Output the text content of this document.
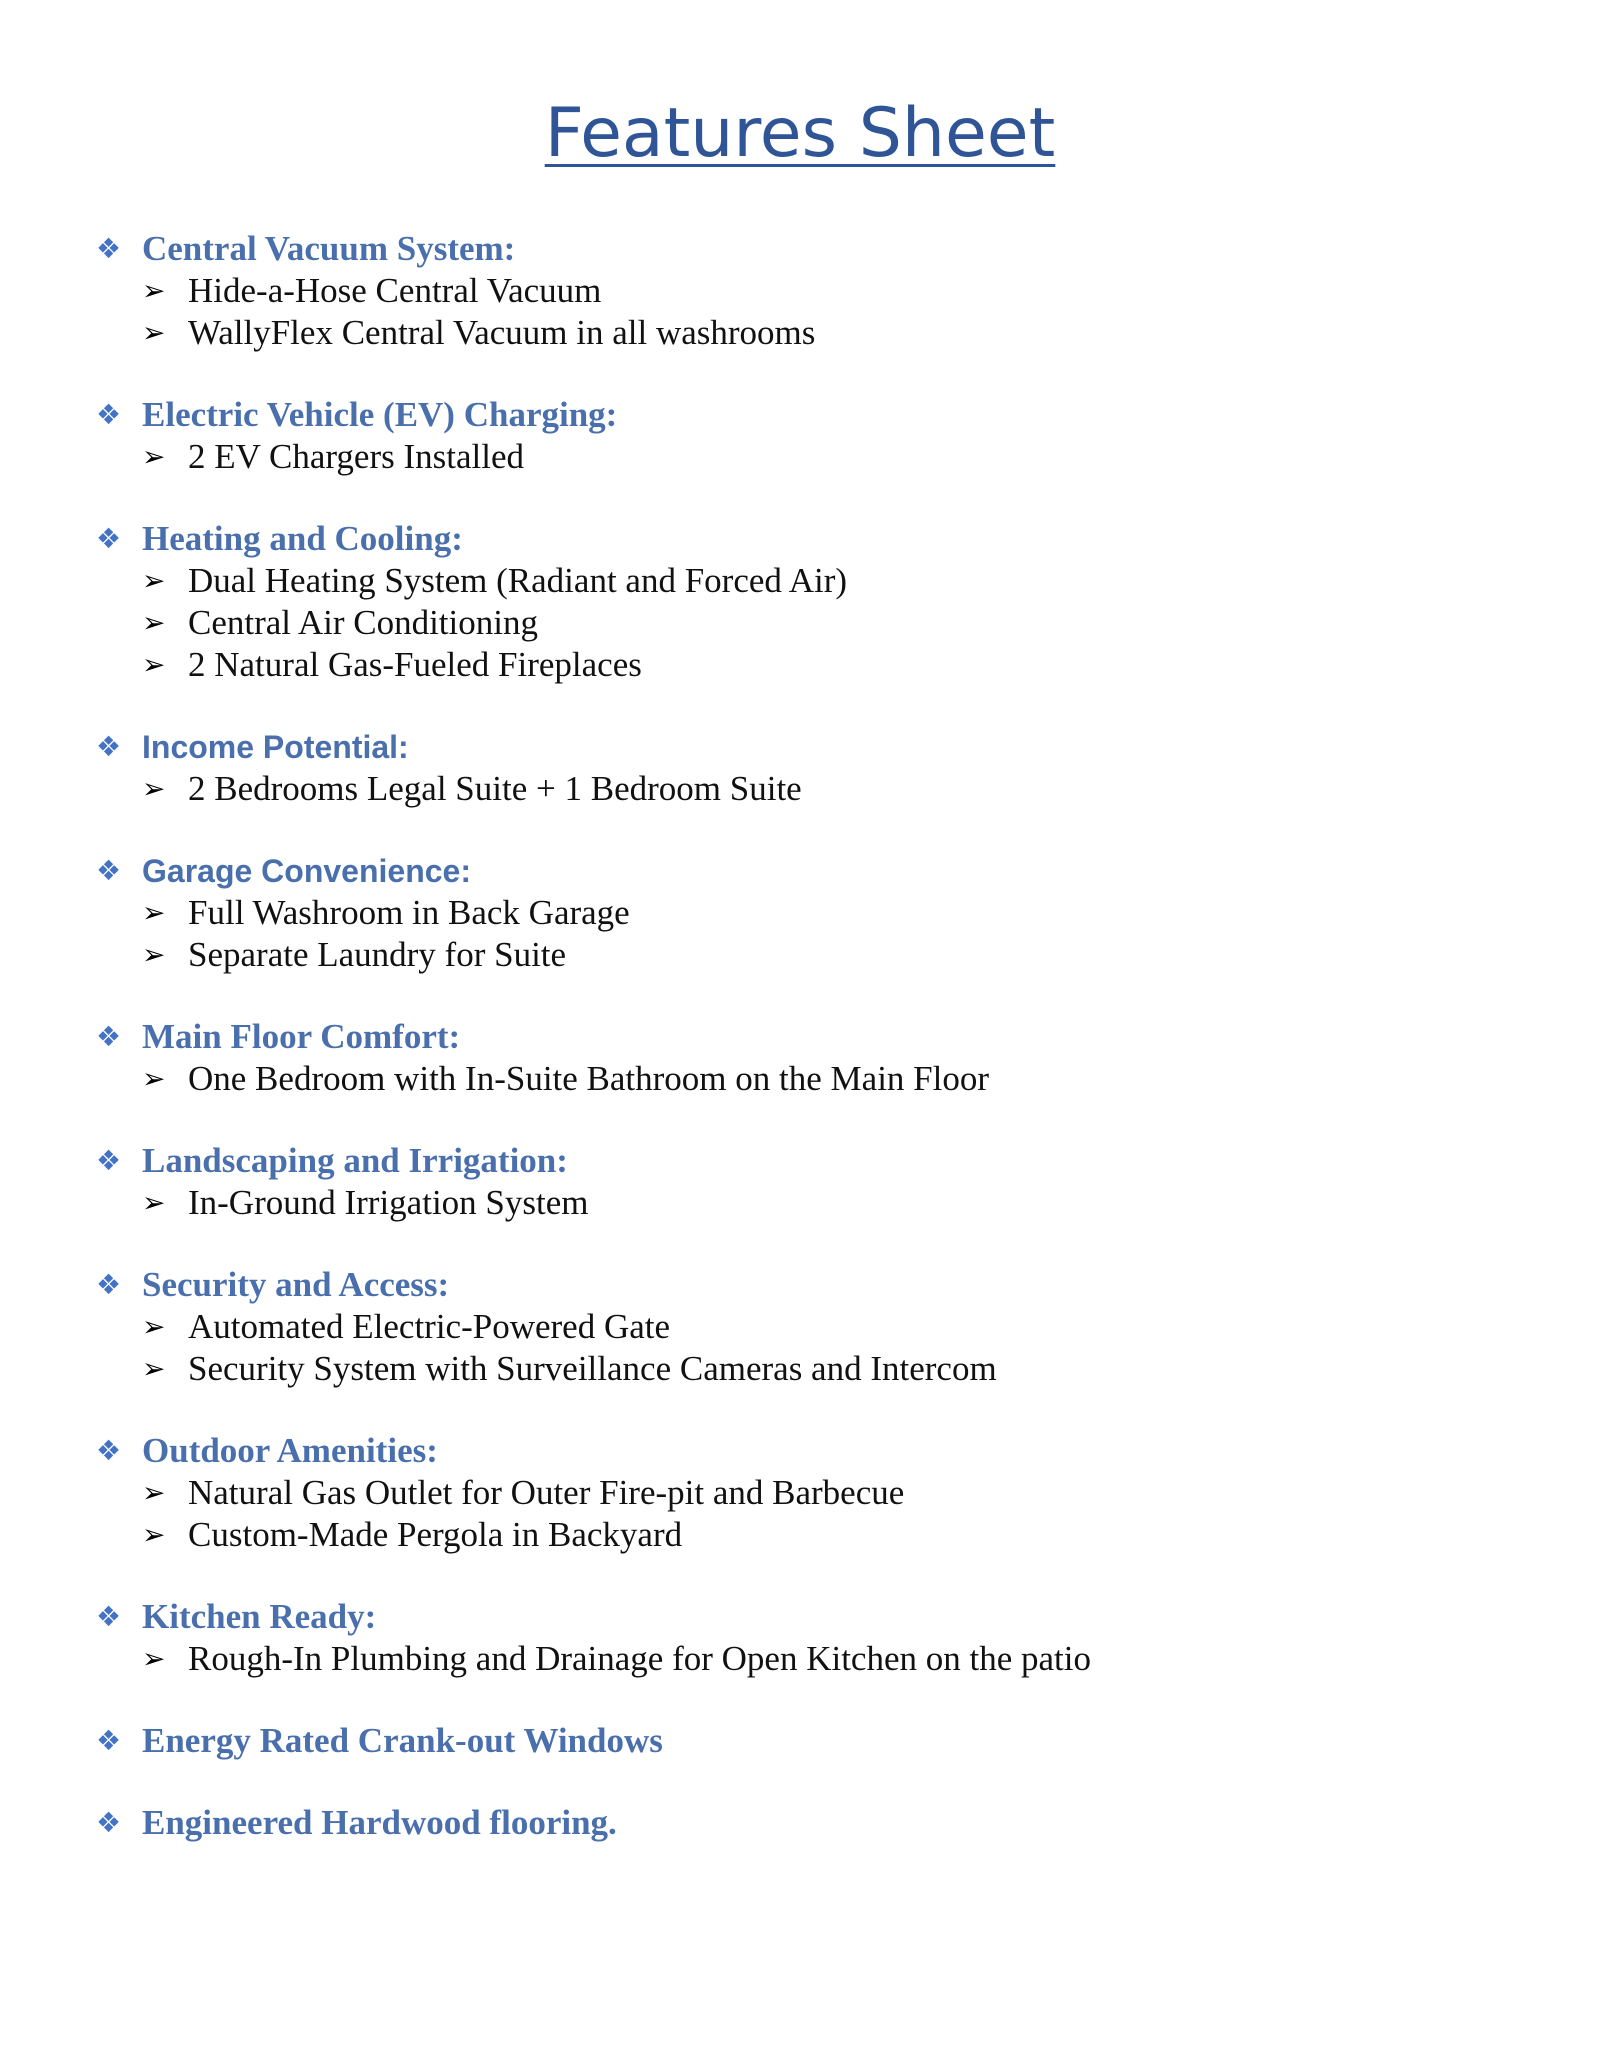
Features Sheet
❖ Central Vacuum System:
➢ Hide-a-Hose Central Vacuum
➢ WallyFlex Central Vacuum in all washrooms
❖ Electric Vehicle (EV) Charging:
➢ 2 EV Chargers Installed
❖ Heating and Cooling:
➢ Dual Heating System (Radiant and Forced Air)
➢ Central Air Conditioning
➢ 2 Natural Gas-Fueled Fireplaces
❖ Income Potential:
➢ 2 Bedrooms Legal Suite + 1 Bedroom Suite
❖ Garage Convenience:
➢ Full Washroom in Back Garage
➢ Separate Laundry for Suite
❖ Main Floor Comfort:
➢ One Bedroom with In-Suite Bathroom on the Main Floor
❖ Landscaping and Irrigation:
➢ In-Ground Irrigation System
❖ Security and Access:
➢ Automated Electric-Powered Gate
➢ Security System with Surveillance Cameras and Intercom
❖ Outdoor Amenities:
➢ Natural Gas Outlet for Outer Fire-pit and Barbecue
➢ Custom-Made Pergola in Backyard
❖ Kitchen Ready:
➢ Rough-In Plumbing and Drainage for Open Kitchen on the patio
❖ Energy Rated Crank-out Windows
❖ Engineered Hardwood flooring.
